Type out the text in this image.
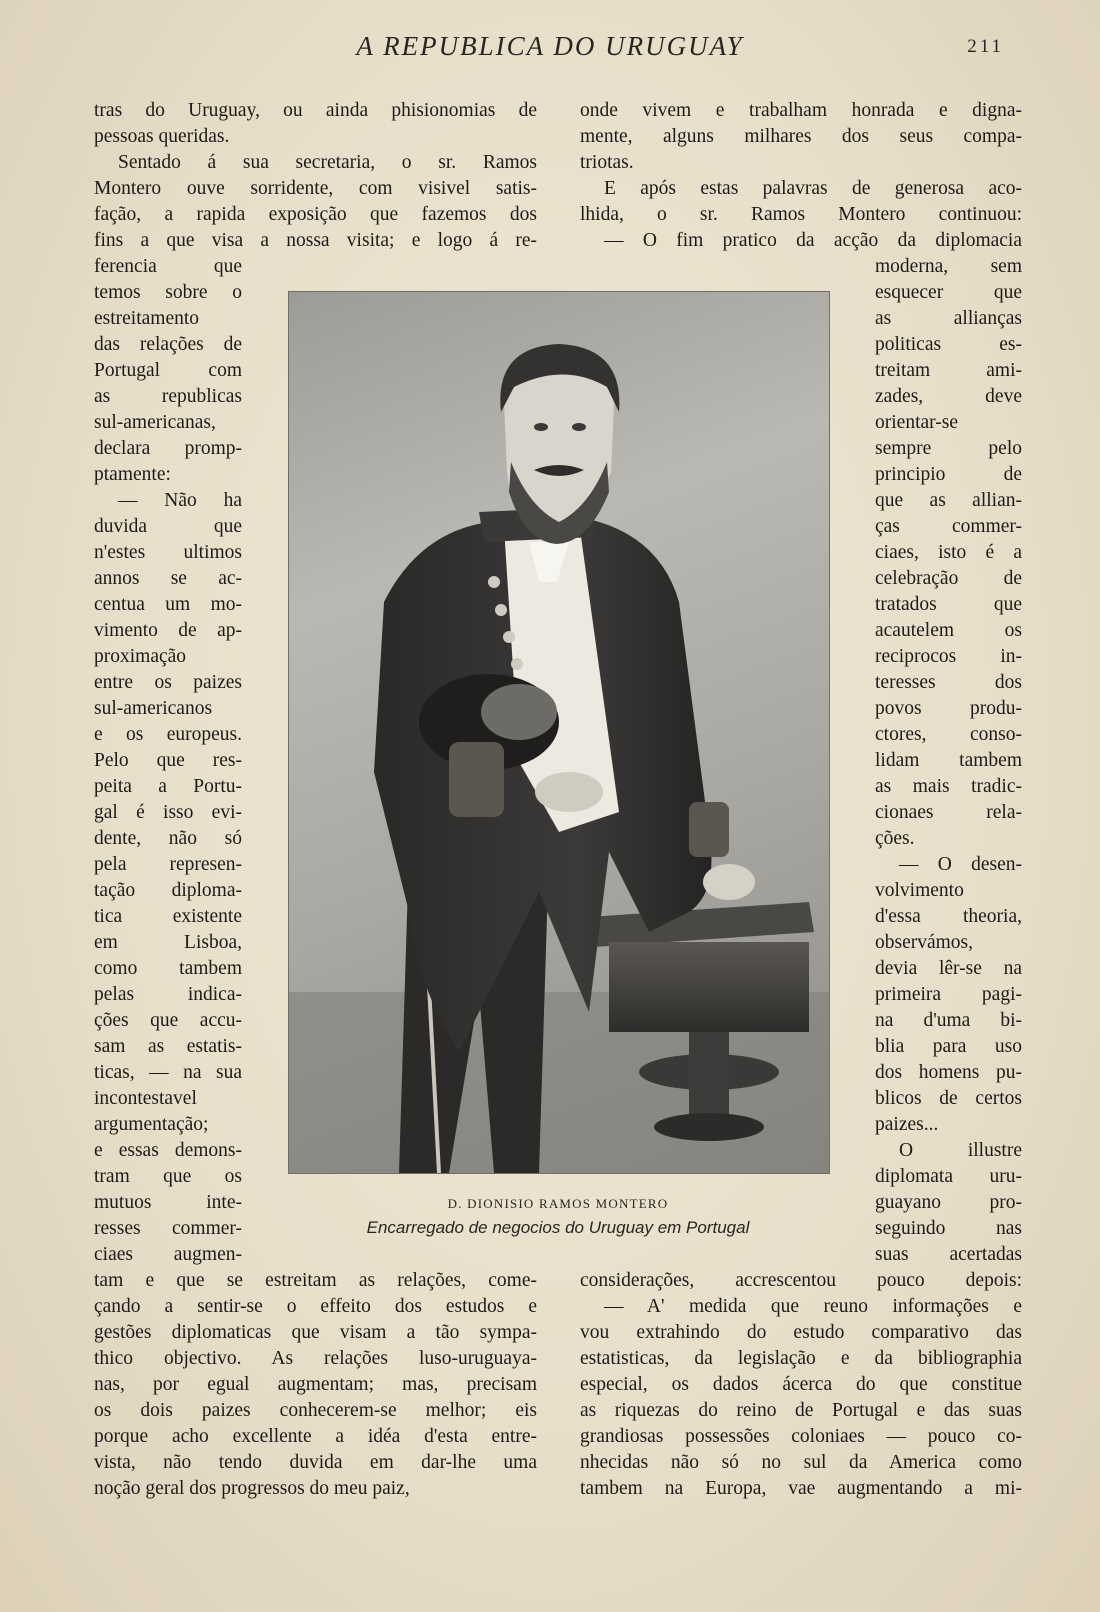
A REPUBLICA DO URUGUAY	211
tras do Uruguay, ou ainda phisionomias de
pessoas queridas.
Sentado á sua secretaria, o sr. Ramos
Montero ouve sorridente, com visivel satis-
fação, a rapida exposição que fazemos dos
fins a que visa a nossa visita; e logo á re-
onde vivem e trabalham honrada e digna-
mente, alguns milhares dos seus compa-
triotas.
E após estas palavras de generosa aco-
lhida, o sr. Ramos Montero continuou:
— O fim pratico da acção da diplomacia
ferencia que
temos sobre o
estreitamento
das relações de
Portugal com
as republicas
sul-americanas,
declara promp-
ptamente:
— Não ha
duvida que
n'estes ultimos
annos se ac-
centua um mo-
vimento de ap-
proximação
entre os paizes
sul-americanos
e os europeus.
Pelo que res-
peita a Portu-
gal é isso evi-
dente, não só
pela represen-
tação diploma-
tica existente
em Lisboa,
como tambem
pelas indica-
ções que accu-
sam as estatis-
ticas, — na sua
incontestavel
argumentação;
e essas demons-
tram que os
mutuos inte-
resses commer-
ciaes augmen-
moderna, sem
esquecer que
as allianças
politicas es-
treitam ami-
zades, deve
orientar-se
sempre pelo
principio de
que as allian-
ças commer-
ciaes, isto é a
celebração de
tratados que
acautelem os
reciprocos in-
teresses dos
povos produ-
ctores, conso-
lidam tambem
as mais tradic-
cionaes rela-
ções.
— O desen-
volvimento
d'essa theoria,
observámos,
devia lêr-se na
primeira pagi-
na d'uma bi-
blia para uso
dos homens pu-
blicos de certos
paizes...
O illustre
diplomata uru-
guayano pro-
seguindo nas
suas acertadas
tam e que se estreitam as relações, come-
çando a sentir-se o effeito dos estudos e
gestões diplomaticas que visam a tão sympa-
thico objectivo. As relações luso-uruguaya-
nas, por egual augmentam; mas, precisam
os dois paizes conhecerem-se melhor; eis
porque acho excellente a idéa d'esta entre-
vista, não tendo duvida em dar-lhe uma
noção geral dos progressos do meu paiz,
considerações, accrescentou pouco depois:
— A' medida que reuno informações e
vou extrahindo do estudo comparativo das
estatisticas, da legislação e da bibliographia
especial, os dados ácerca do que constitue
as riquezas do reino de Portugal e das suas
grandiosas possessões coloniaes — pouco co-
nhecidas não só no sul da America como
tambem na Europa, vae augmentando a mi-
D. DIONISIO RAMOS MONTERO
Encarregado de negocios do Uruguay em Portugal
